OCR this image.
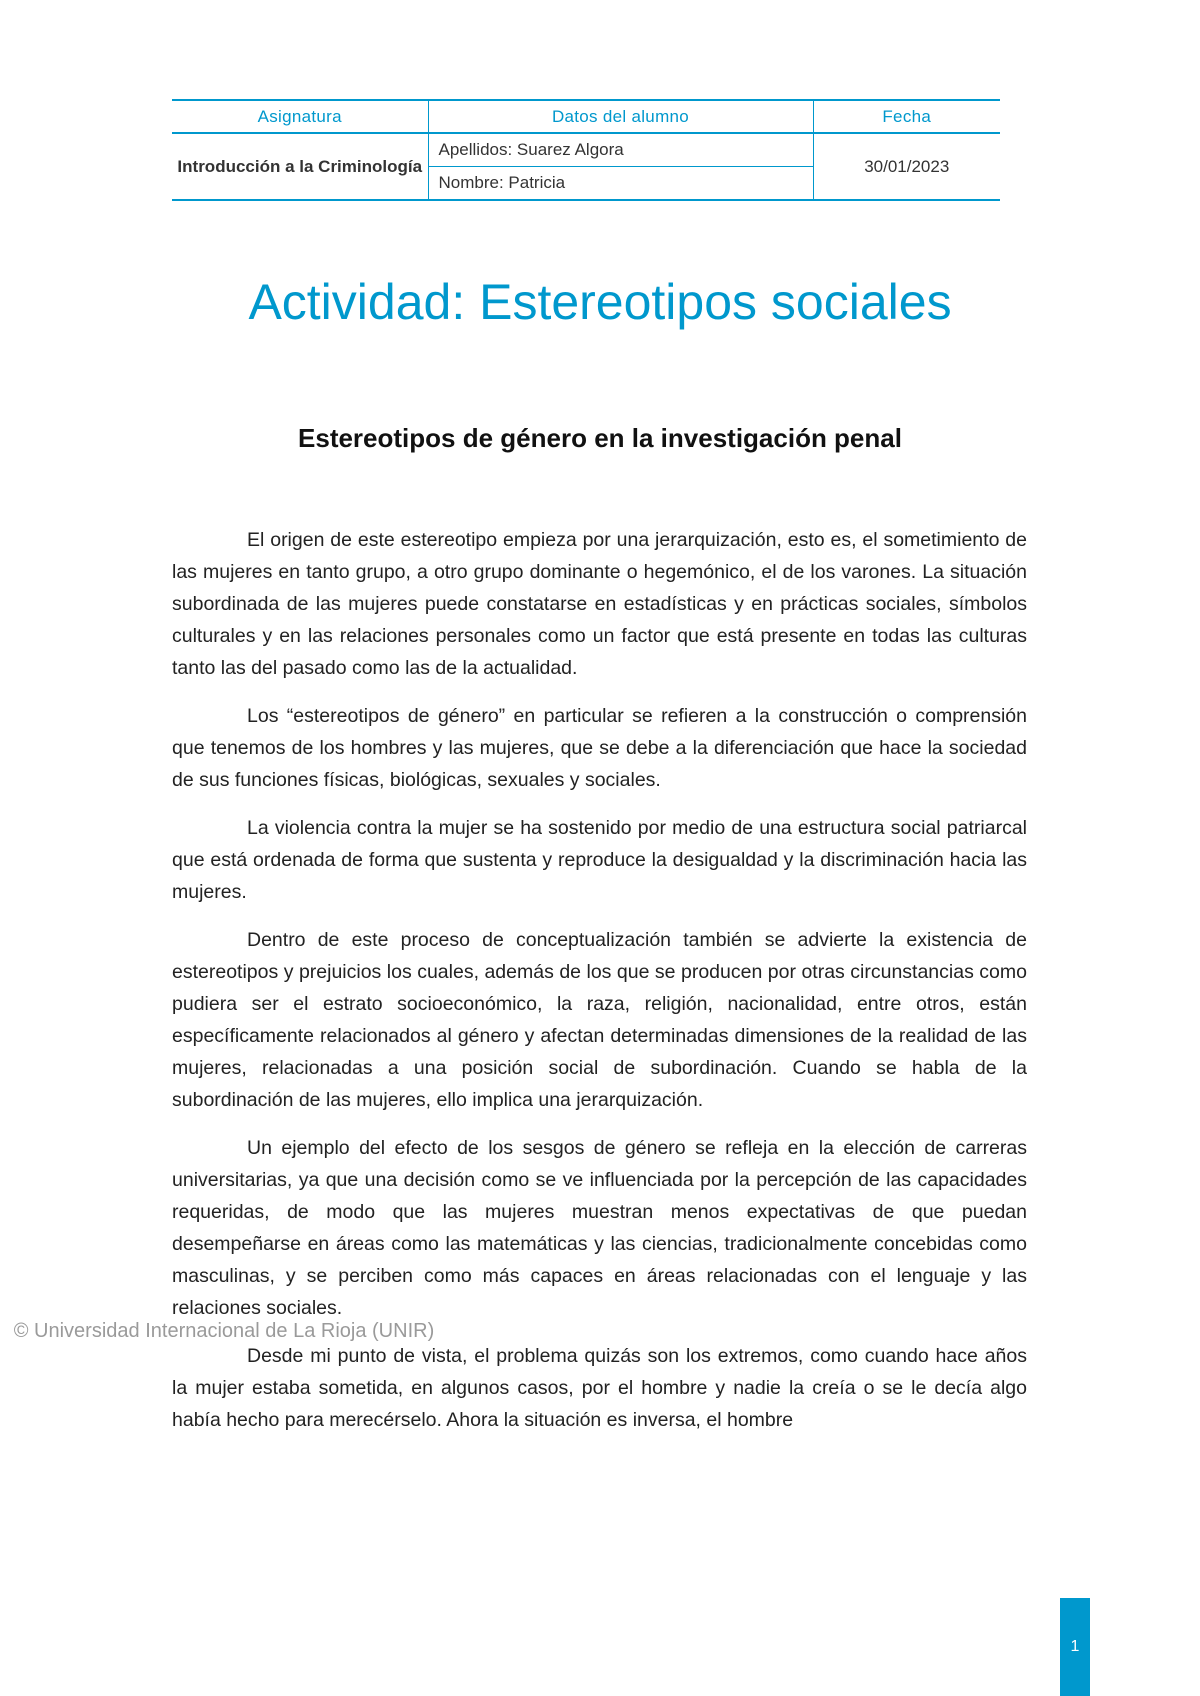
Asignatura	Datos del alumno	Fecha
Introducción a la Criminología	Apellidos: Suarez Algora	30/01/2023
	Nombre: Patricia	
Actividad: Estereotipos sociales
Estereotipos de género en la investigación penal

El origen de este estereotipo empieza por una jerarquización, esto es, el sometimiento de las mujeres en tanto grupo, a otro grupo dominante o hegemónico, el de los varones. La situación subordinada de las mujeres puede constatarse en estadísticas y en prácticas sociales, símbolos culturales y en las relaciones personales como un factor que está presente en todas las culturas tanto las del pasado como las de la actualidad.

Los “estereotipos de género” en particular se refieren a la construcción o comprensión que tenemos de los hombres y las mujeres, que se debe a la diferenciación que hace la sociedad de sus funciones físicas, biológicas, sexuales y sociales.

La violencia contra la mujer se ha sostenido por medio de una estructura social patriarcal que está ordenada de forma que sustenta y reproduce la desigualdad y la discriminación hacia las mujeres.

Dentro de este proceso de conceptualización también se advierte la existencia de estereotipos y prejuicios los cuales, además de los que se producen por otras circunstancias como pudiera ser el estrato socioeconómico, la raza, religión, nacionalidad, entre otros, están específicamente relacionados al género y afectan determinadas dimensiones de la realidad de las mujeres, relacionadas a una posición social de subordinación. Cuando se habla de la subordinación de las mujeres, ello implica una jerarquización.

Un ejemplo del efecto de los sesgos de género se refleja en la elección de carreras universitarias, ya que una decisión como se ve influenciada por la percepción de las capacidades requeridas, de modo que las mujeres muestran menos expectativas de que puedan desempeñarse en áreas como las matemáticas y las ciencias, tradicionalmente concebidas como masculinas, y se perciben como más capaces en áreas relacionadas con el lenguaje y las relaciones sociales.

Desde mi punto de vista, el problema quizás son los extremos, como cuando hace años la mujer estaba sometida, en algunos casos, por el hombre y nadie la creía o se le decía algo había hecho para merecérselo. Ahora la situación es inversa, el hombre

© Universidad Internacional de La Rioja (UNIR)
1
